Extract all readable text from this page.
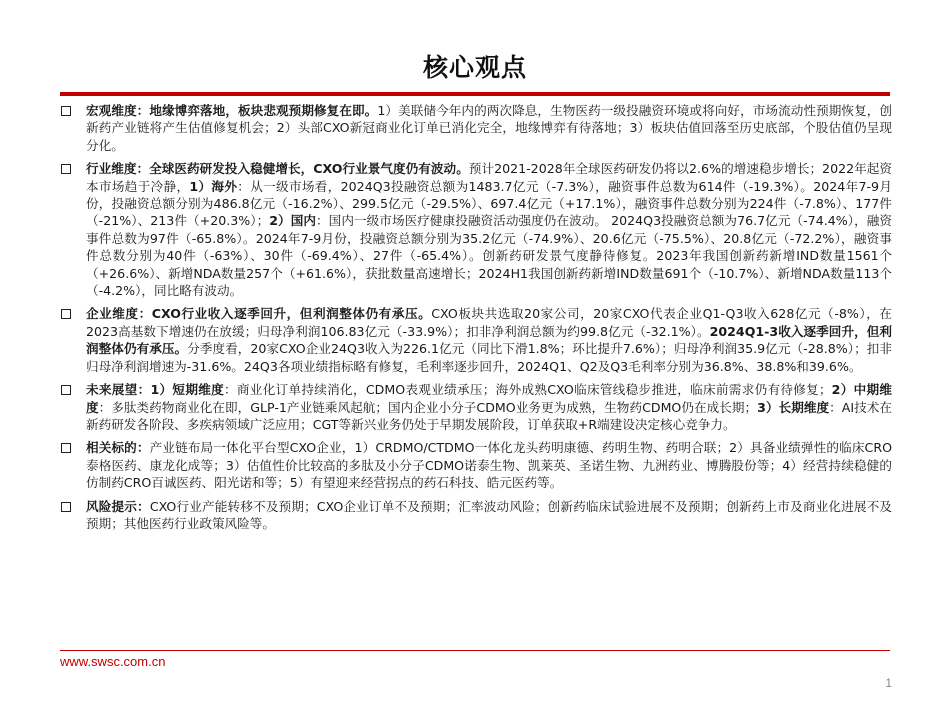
核心观点
宏观维度：地缘博弈落地，板块悲观预期修复在即。1）美联储今年内的两次降息，生物医药一级投融资环境或将向好，市场流动性预期恢复，创新药产业链将产生估值修复机会；2）头部CXO新冠商业化订单已消化完全，地缘博弈有待落地；3）板块估值回落至历史底部，个股估值仍呈现分化。
行业维度：全球医药研发投入稳健增长，CXO行业景气度仍有波动。预计2021-2028年全球医药研发仍将以2.6%的增速稳步增长；2022年起资本市场趋于冷静，1）海外：从一级市场看，2024Q3投融资总额为1483.7亿元（-7.3%），融资事件总数为614件（-19.3%）。2024年7-9月份，投融资总额分别为486.8亿元（-16.2%）、299.5亿元（-29.5%）、697.4亿元（+17.1%），融资事件总数分别为224件（-7.8%）、177件（-21%）、213件（+20.3%）；2）国内：国内一级市场医疗健康投融资活动强度仍在波动。 2024Q3投融资总额为76.7亿元（-74.4%），融资事件总数为97件（-65.8%）。2024年7-9月份，投融资总额分别为35.2亿元（-74.9%）、20.6亿元（-75.5%）、20.8亿元（-72.2%），融资事件总数分别为40件（-63%）、30件（-69.4%）、27件（-65.4%）。创新药研发景气度静待修复。2023年我国创新药新增IND数量1561个（+26.6%）、新增NDA数量257个（+61.6%），获批数量高速增长；2024H1我国创新药新增IND数量691个（-10.7%）、新增NDA数量113个（-4.2%），同比略有波动。
企业维度：CXO行业收入逐季回升，但利润整体仍有承压。CXO板块共选取20家公司，20家CXO代表企业Q1-Q3收入628亿元（-8%），在2023高基数下增速仍在放缓；归母净利润106.83亿元（-33.9%）；扣非净利润总额为约99.8亿元（-32.1%）。2024Q1-3收入逐季回升，但利润整体仍有承压。分季度看，20家CXO企业24Q3收入为226.1亿元（同比下滑1.8%；环比提升7.6%）；归母净利润35.9亿元（-28.8%）；扣非归母净利润增速为-31.6%。24Q3各项业绩指标略有修复，毛利率逐步回升，2024Q1、Q2及Q3毛利率分别为36.8%、38.8%和39.6%。
未来展望：1）短期维度：商业化订单持续消化，CDMO表观业绩承压；海外成熟CXO临床管线稳步推进，临床前需求仍有待修复；2）中期维度：多肽类药物商业化在即，GLP-1产业链乘风起航；国内企业小分子CDMO业务更为成熟，生物药CDMO仍在成长期；3）长期维度：AI技术在新药研发各阶段、多疾病领域广泛应用；CGT等新兴业务仍处于早期发展阶段，订单获取+R端建设决定核心竞争力。
相关标的：产业链布局一体化平台型CXO企业，1）CRDMO/CTDMO一体化龙头药明康德、药明生物、药明合联；2）具备业绩弹性的临床CRO泰格医药、康龙化成等；3）估值性价比较高的多肽及小分子CDMO诺泰生物、凯莱英、圣诺生物、九洲药业、博腾股份等；4）经营持续稳健的仿制药CRO百诚医药、阳光诺和等；5）有望迎来经营拐点的药石科技、皓元医药等。
风险提示：CXO行业产能转移不及预期；CXO企业订单不及预期；汇率波动风险；创新药临床试验进展不及预期；创新药上市及商业化进展不及预期；其他医药行业政策风险等。
www.swsc.com.cn
1
